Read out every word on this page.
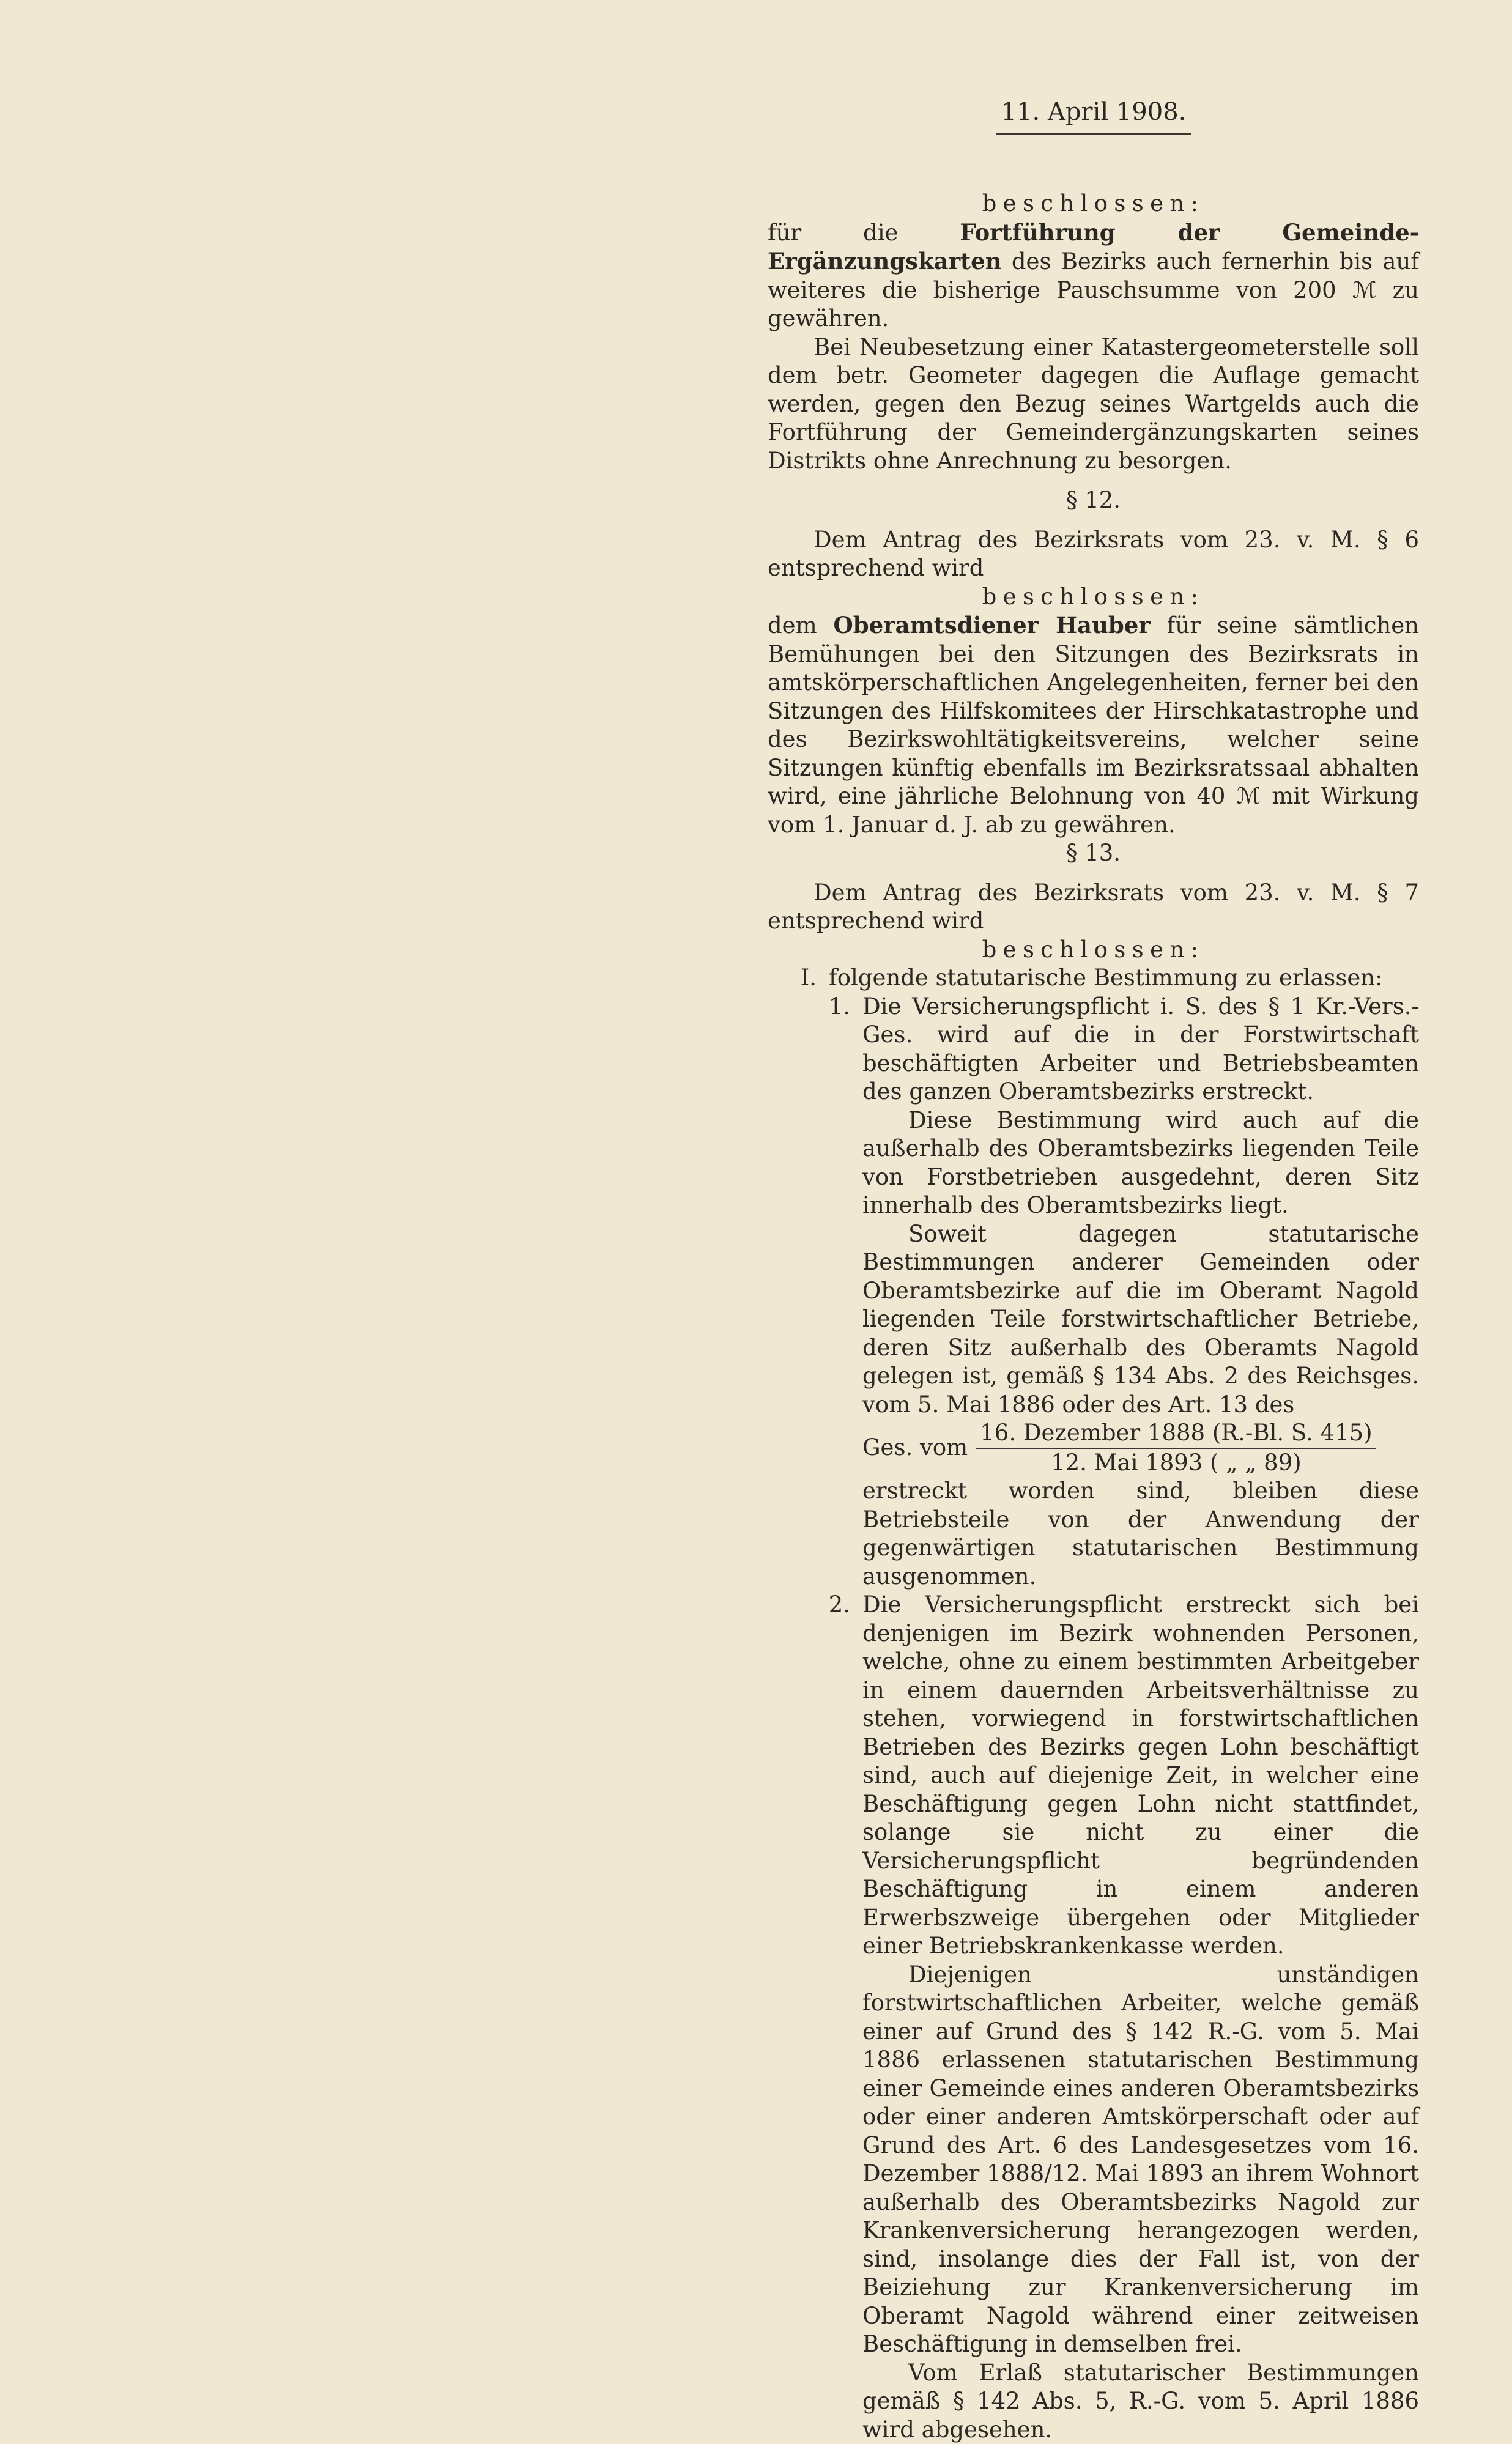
11. April 1908.

beschlossen:

für die Fortführung der Gemeinde-Ergänzungskarten des Bezirks auch fernerhin bis auf weiteres die bisherige Pauschsumme von 200 ℳ zu gewähren.

Bei Neubesetzung einer Katastergeometerstelle soll dem betr. Geometer dagegen die Auflage gemacht werden, gegen den Bezug seines Wartgelds auch die Fortführung der Gemeindergänzungskarten seines Distrikts ohne Anrechnung zu besorgen.

§ 12.

Dem Antrag des Bezirksrats vom 23. v. M. § 6 entsprechend wird

beschlossen:

dem Oberamtsdiener Hauber für seine sämtlichen Bemühungen bei den Sitzungen des Bezirksrats in amtskörperschaftlichen Angelegenheiten, ferner bei den Sitzungen des Hilfskomitees der Hirschkatastrophe und des Bezirkswohltätigkeitsvereins, welcher seine Sitzungen künftig ebenfalls im Bezirksratssaal abhalten wird, eine jährliche Belohnung von 40 ℳ mit Wirkung vom 1. Januar d. J. ab zu gewähren.

§ 13.

Dem Antrag des Bezirksrats vom 23. v. M. § 7 entsprechend wird

beschlossen:

I. folgende statutarische Bestimmung zu erlassen:
1. Die Versicherungspflicht i. S. des § 1 Kr.-Vers.-Ges. wird auf die in der Forstwirtschaft beschäftigten Arbeiter und Betriebsbeamten des ganzen Oberamtsbezirks erstreckt.

Diese Bestimmung wird auch auf die außerhalb des Oberamtsbezirks liegenden Teile von Forstbetrieben ausgedehnt, deren Sitz innerhalb des Oberamtsbezirks liegt.

Soweit dagegen statutarische Bestimmungen anderer Gemeinden oder Oberamtsbezirke auf die im Oberamt Nagold liegenden Teile forstwirtschaftlicher Betriebe, deren Sitz außerhalb des Oberamts Nagold gelegen ist, gemäß § 134 Abs. 2 des Reichsges. vom 5. Mai 1886 oder des Art. 13 des

Ges. vom $\frac{\text{16. Dezember 1888 (R.-Bl. S. 415)}}{\text{12. Mai 1893 ( „ „ 89)}}$

erstreckt worden sind, bleiben diese Betriebsteile von der Anwendung der gegenwärtigen statutarischen Bestimmung ausgenommen.

2. Die Versicherungspflicht erstreckt sich bei denjenigen im Bezirk wohnenden Personen, welche, ohne zu einem bestimmten Arbeitgeber in einem dauernden Arbeitsverhältnisse zu stehen, vorwiegend in forstwirtschaftlichen Betrieben des Bezirks gegen Lohn beschäftigt sind, auch auf diejenige Zeit, in welcher eine Beschäftigung gegen Lohn nicht stattfindet, solange sie nicht zu einer die Versicherungspflicht begründenden Beschäftigung in einem anderen Erwerbszweige übergehen oder Mitglieder einer Betriebskrankenkasse werden.

Diejenigen unständigen forstwirtschaftlichen Arbeiter, welche gemäß einer auf Grund des § 142 R.-G. vom 5. Mai 1886 erlassenen statutarischen Bestimmung einer Gemeinde eines anderen Oberamtsbezirks oder einer anderen Amtskörperschaft oder auf Grund des Art. 6 des Landesgesetzes vom 16. Dezember 1888/12. Mai 1893 an ihrem Wohnort außerhalb des Oberamtsbezirks Nagold zur Krankenversicherung herangezogen werden, sind, insolange dies der Fall ist, von der Beiziehung zur Krankenversicherung im Oberamt Nagold während einer zeitweisen Beschäftigung in demselben frei.

Vom Erlaß statutarischer Bestimmungen gemäß § 142 Abs. 5, R.-G. vom 5. April 1886 wird abgesehen.
